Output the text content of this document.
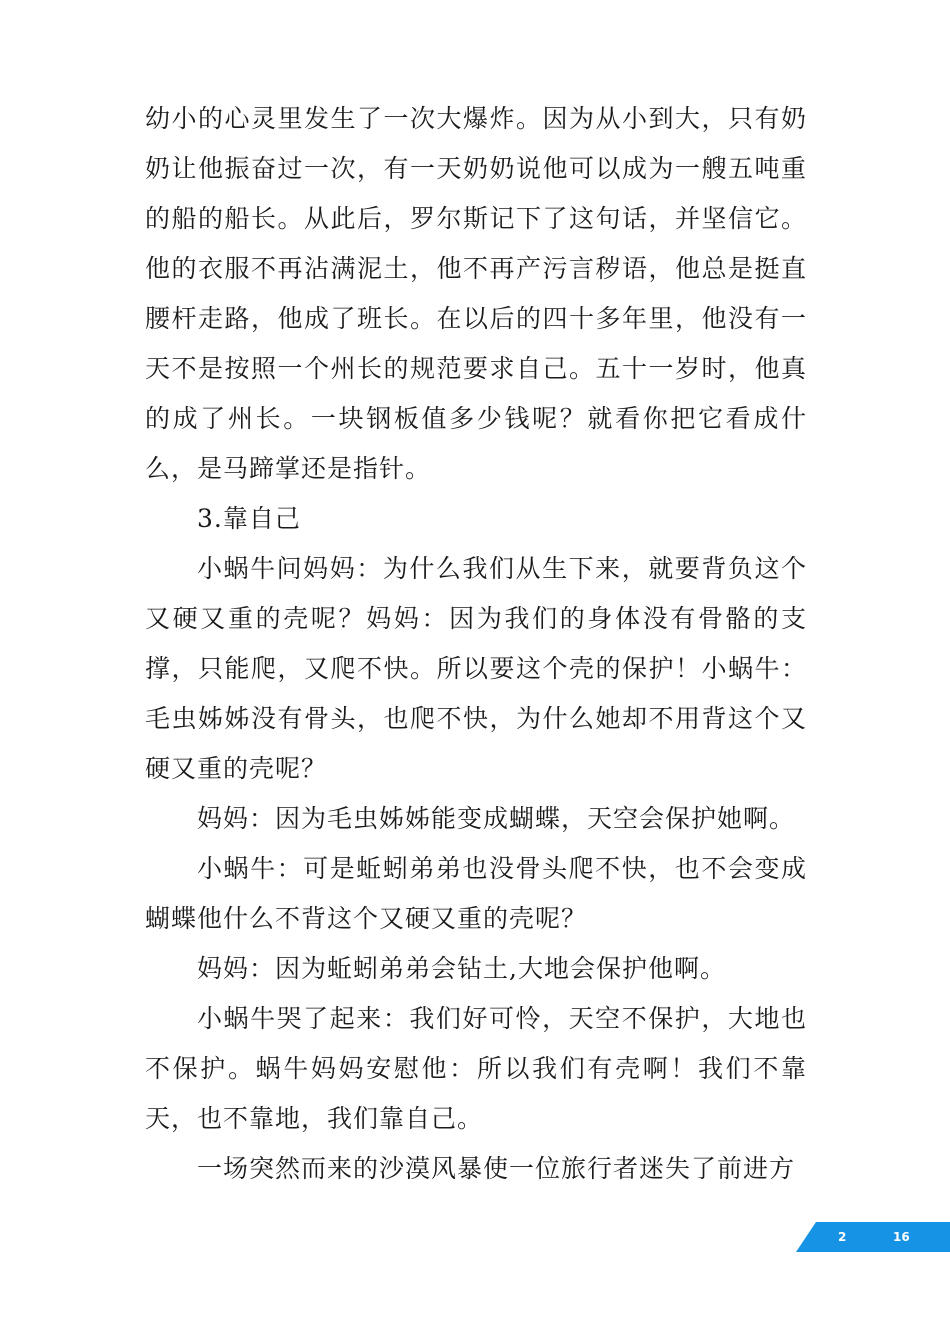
幼小的心灵里发生了一次大爆炸。因为从小到大，只有奶奶让他振奋过一次，有一天奶奶说他可以成为一艘五吨重的船的船长。从此后，罗尔斯记下了这句话，并坚信它。他的衣服不再沾满泥土，他不再产污言秽语，他总是挺直腰杆走路，他成了班长。在以后的四十多年里，他没有一天不是按照一个州长的规范要求自己。五十一岁时，他真的成了州长。一块钢板值多少钱呢？就看你把它看成什么，是马蹄掌还是指针。

3.靠自己

小蜗牛问妈妈：为什么我们从生下来，就要背负这个又硬又重的壳呢？妈妈：因为我们的身体没有骨骼的支撑，只能爬，又爬不快。所以要这个壳的保护！小蜗牛：毛虫姊姊没有骨头，也爬不快，为什么她却不用背这个又硬又重的壳呢？

妈妈：因为毛虫姊姊能变成蝴蝶，天空会保护她啊。

小蜗牛：可是蚯蚓弟弟也没骨头爬不快，也不会变成蝴蝶他什么不背这个又硬又重的壳呢？

妈妈：因为蚯蚓弟弟会钻土,大地会保护他啊。

小蜗牛哭了起来：我们好可怜，天空不保护，大地也不保护。蜗牛妈妈安慰他：所以我们有壳啊！我们不靠天，也不靠地，我们靠自己。

一场突然而来的沙漠风暴使一位旅行者迷失了前进方

2	16
